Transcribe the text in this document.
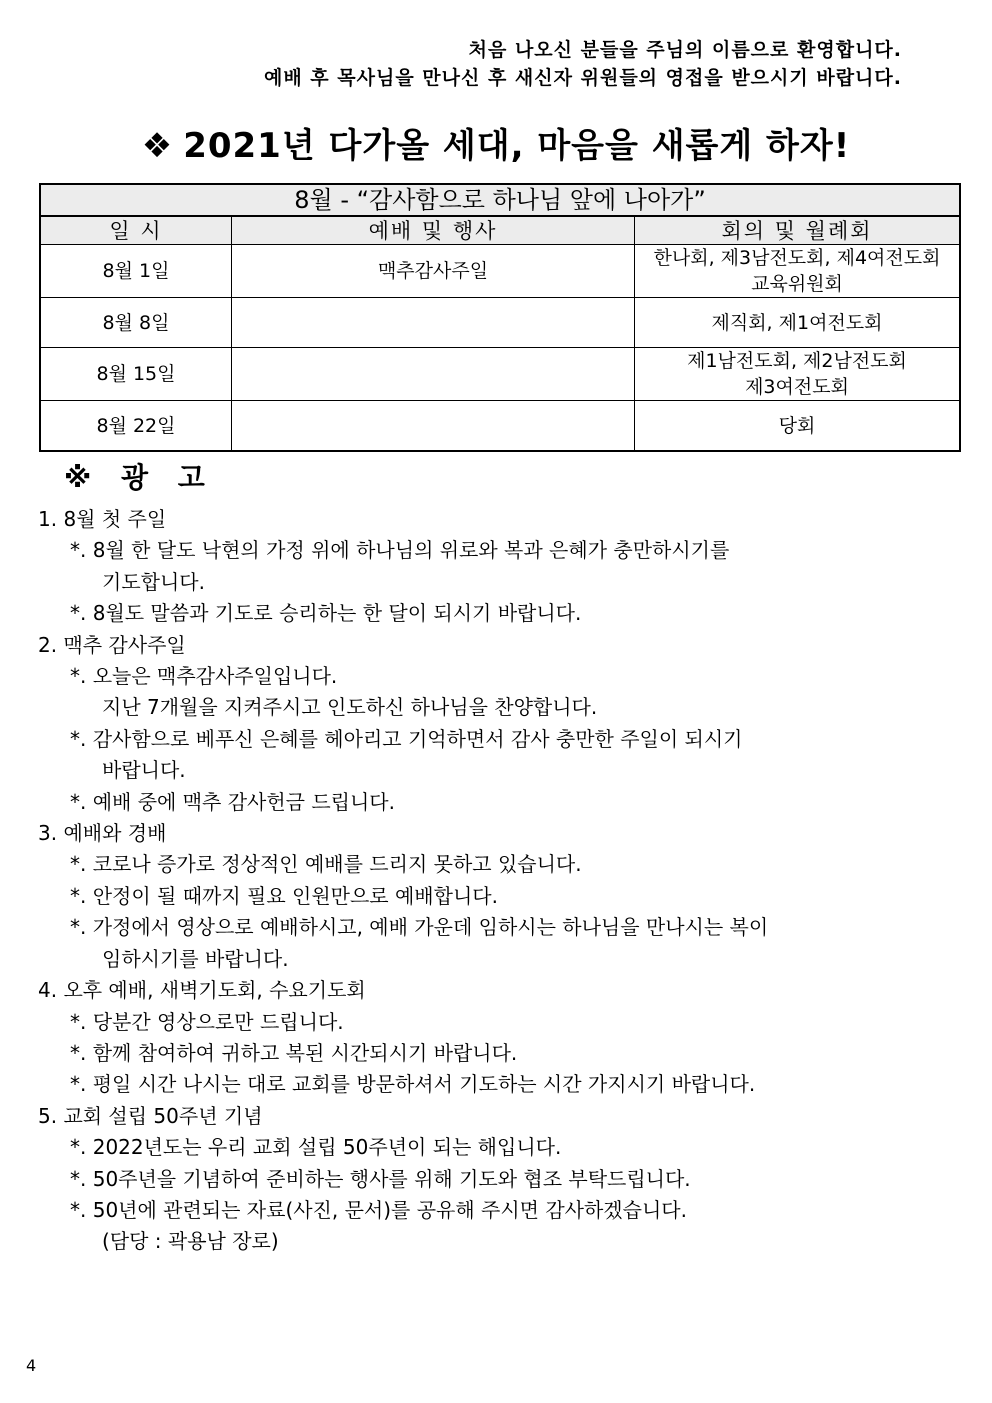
처음 나오신 분들을 주님의 이름으로 환영합니다.
예배 후 목사님을 만나신 후 새신자 위원들의 영접을 받으시기 바랍니다.
❖ 2021년 다가올 세대, 마음을 새롭게 하자!
8월 - “감사함으로 하나님 앞에 나아가”		
일 시	예배 및 행사	회의 및 월례회
8월 1일	맥추감사주일	한나회, 제3남전도회, 제4여전도회
교육위원회

8월 8일		제직회, 제1여전도회

8월 15일		제1남전도회, 제2남전도회
제3여전도회

8월 22일		당회
※ 광 고
1. 8월 첫 주일
*. 8월 한 달도 낙현의 가정 위에 하나님의 위로와 복과 은혜가 충만하시기를
기도합니다.
*. 8월도 말씀과 기도로 승리하는 한 달이 되시기 바랍니다.
2. 맥추 감사주일
*. 오늘은 맥추감사주일입니다.
지난 7개월을 지켜주시고 인도하신 하나님을 찬양합니다.
*. 감사함으로 베푸신 은혜를 헤아리고 기억하면서 감사 충만한 주일이 되시기
바랍니다.
*. 예배 중에 맥추 감사헌금 드립니다.
3. 예배와 경배
*. 코로나 증가로 정상적인 예배를 드리지 못하고 있습니다.
*. 안정이 될 때까지 필요 인원만으로 예배합니다.
*. 가정에서 영상으로 예배하시고, 예배 가운데 임하시는 하나님을 만나시는 복이
임하시기를 바랍니다.
4. 오후 예배, 새벽기도회, 수요기도회
*. 당분간 영상으로만 드립니다.
*. 함께 참여하여 귀하고 복된 시간되시기 바랍니다.
*. 평일 시간 나시는 대로 교회를 방문하셔서 기도하는 시간 가지시기 바랍니다.
5. 교회 설립 50주년 기념
*. 2022년도는 우리 교회 설립 50주년이 되는 해입니다.
*. 50주년을 기념하여 준비하는 행사를 위해 기도와 협조 부탁드립니다.
*. 50년에 관련되는 자료(사진, 문서)를 공유해 주시면 감사하겠습니다.
(담당 : 곽용남 장로)
4
